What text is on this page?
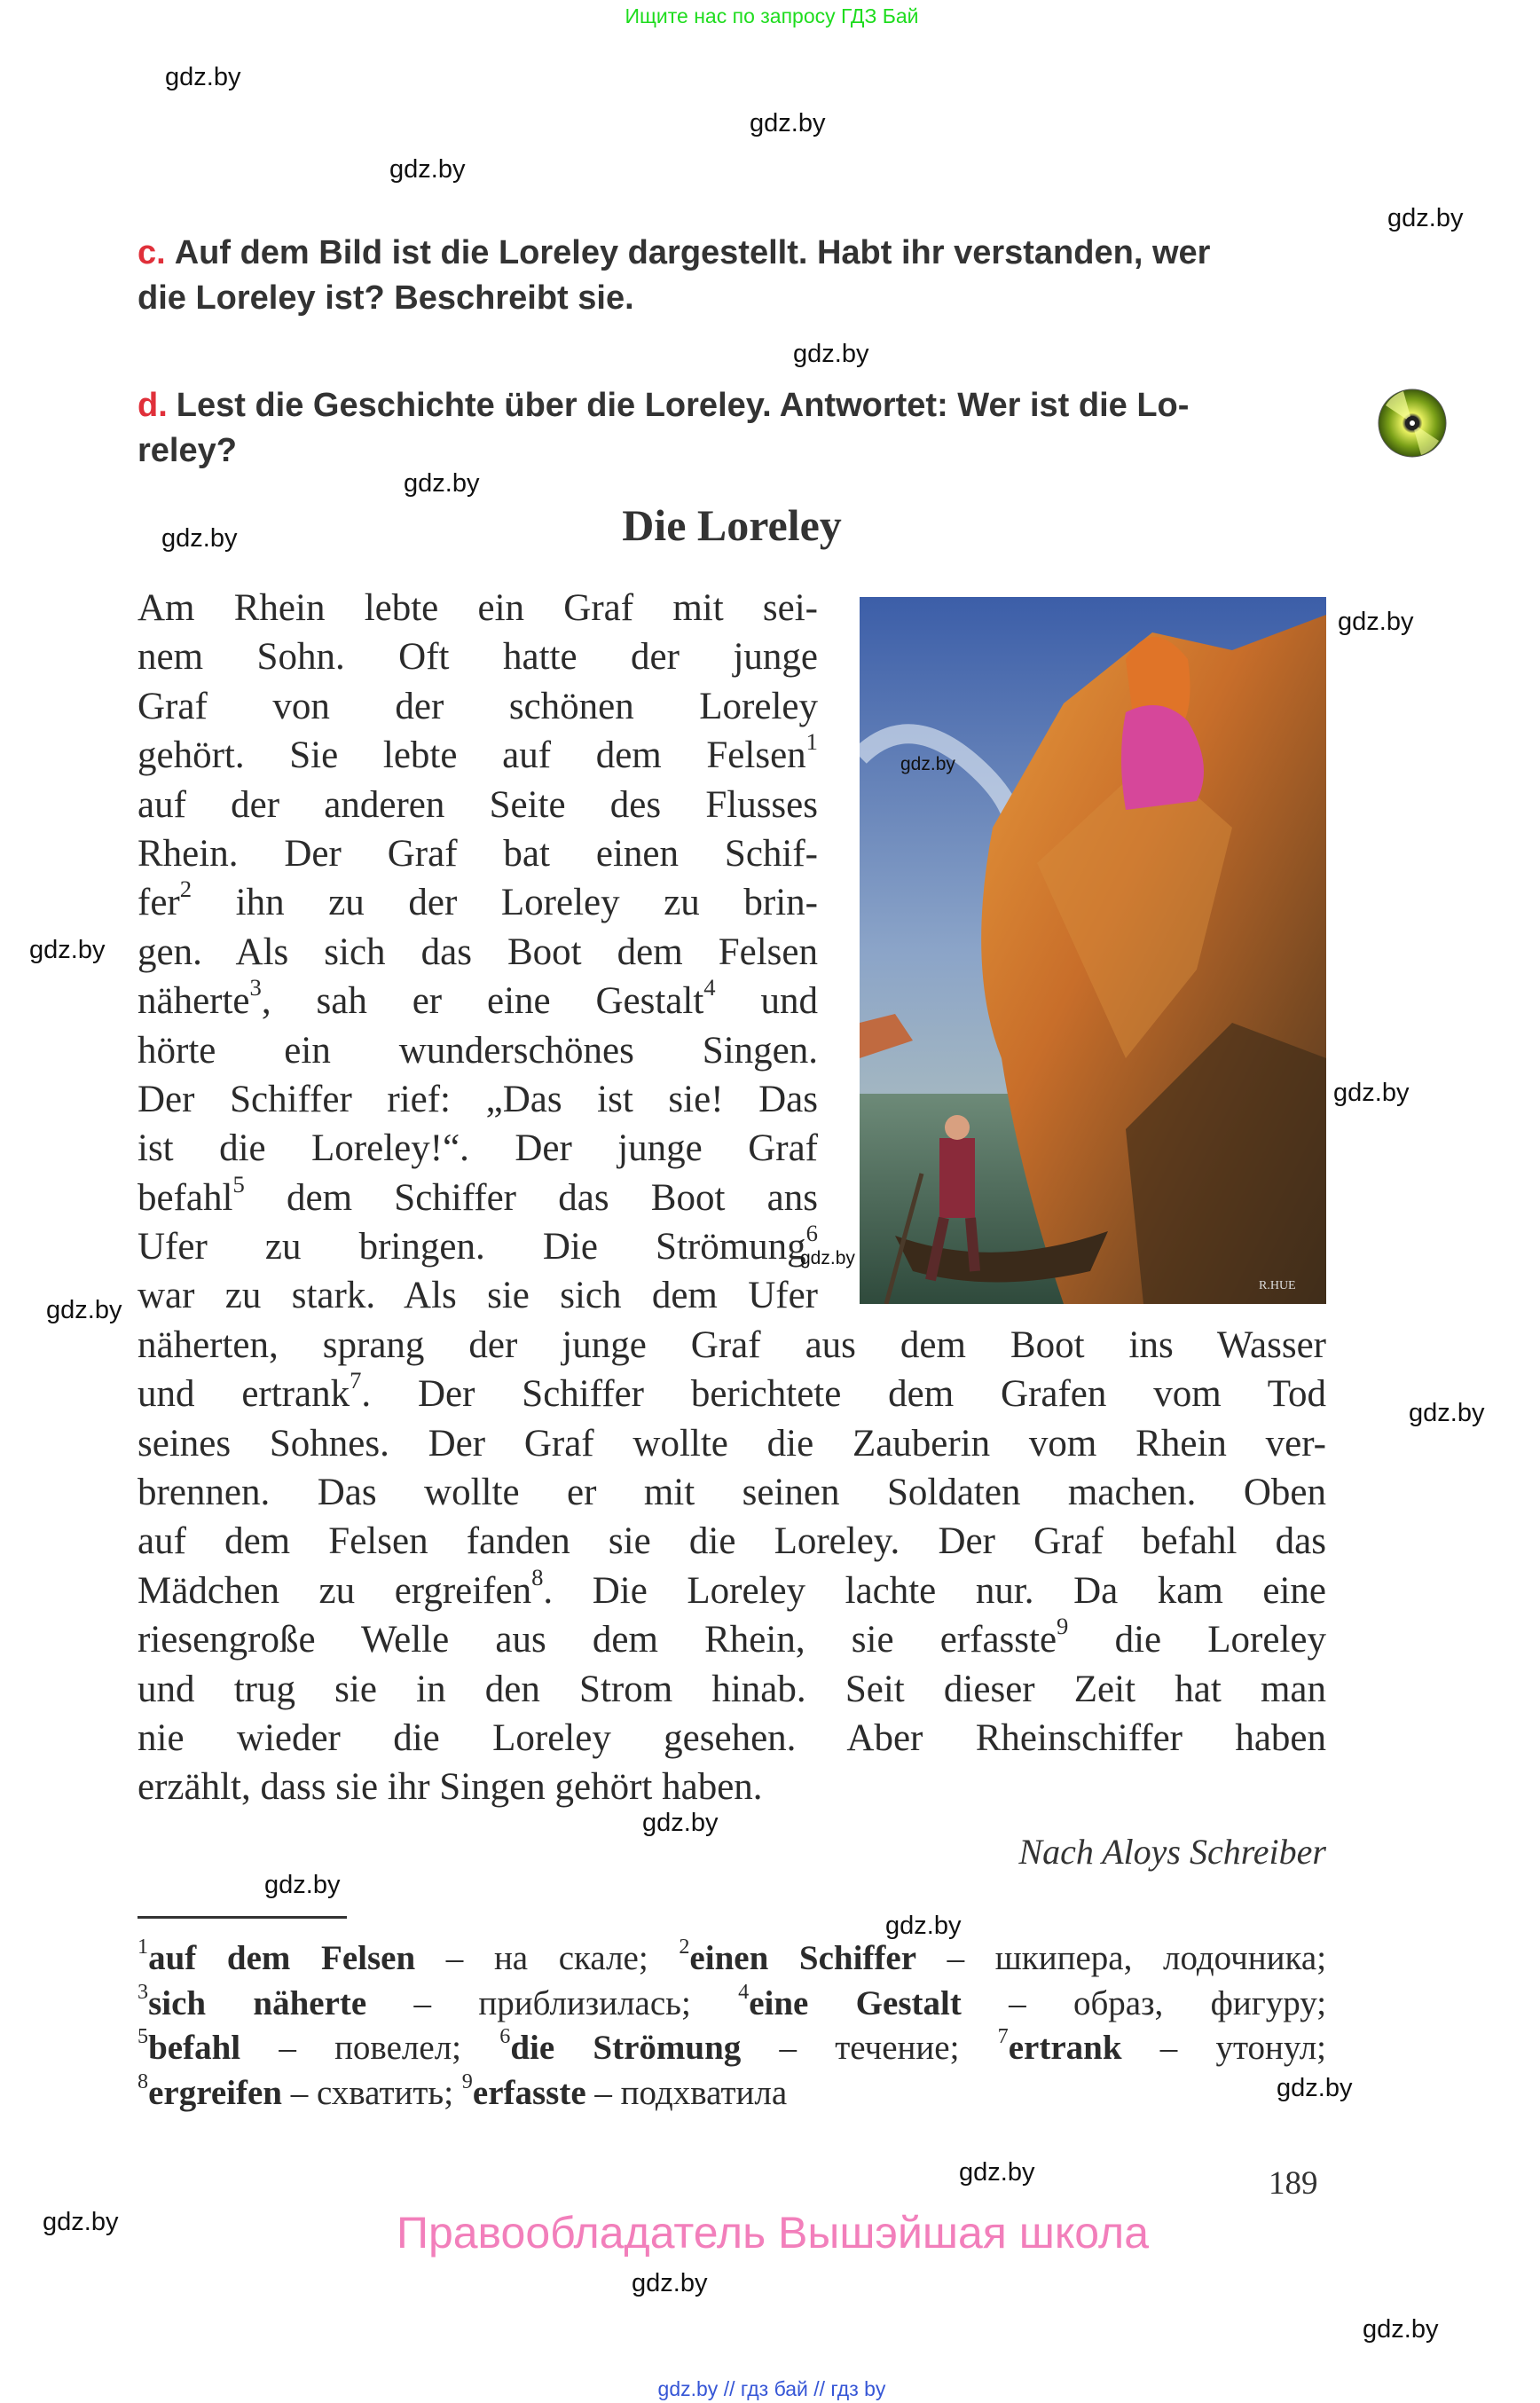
Ищите нас по запросу ГДЗ Бай
gdz.by
gdz.by
gdz.by
gdz.by
gdz.by
gdz.by
gdz.by
gdz.by
gdz.by
gdz.by
gdz.by
gdz.by
gdz.by
gdz.by
gdz.by
gdz.by
gdz.by
gdz.by
gdz.by
gdz.by
c. Auf dem Bild ist die Loreley dargestellt. Habt ihr verstanden, wer
die Loreley ist? Beschreibt sie.
d. Lest die Geschichte über die Loreley. Antwortet: Wer ist die Lo-
reley?
Die Loreley
R.HUE
gdz.by
Am Rhein lebte ein Graf mit sei-
nem Sohn. Oft hatte der junge
Graf von der schönen Loreley
gehört. Sie lebte auf dem Felsen$^1$
auf der anderen Seite des Flusses
Rhein. Der Graf bat einen Schif-
fer$^2$ ihn zu der Loreley zu brin-
gen. Als sich das Boot dem Felsen
näherte$^3$, sah er eine Gestalt$^4$ und
hörte ein wunderschönes Singen.
Der Schiffer rief: „Das ist sie! Das
ist die Loreley!“. Der junge Graf
befahl$^5$ dem Schiffer das Boot ans
Ufer zu bringen. Die Strömung$^6$
war zu stark. Als sie sich dem Ufer
näherten, sprang der junge Graf aus dem Boot ins Wasser
und ertrank$^7$. Der Schiffer berichtete dem Grafen vom Tod
seines Sohnes. Der Graf wollte die Zauberin vom Rhein ver-
brennen. Das wollte er mit seinen Soldaten machen. Oben
auf dem Felsen fanden sie die Loreley. Der Graf befahl das
Mädchen zu ergreifen$^8$. Die Loreley lachte nur. Da kam eine
riesengroße Welle aus dem Rhein, sie erfasste$^9$ die Loreley
und trug sie in den Strom hinab. Seit dieser Zeit hat man
nie wieder die Loreley gesehen. Aber Rheinschiffer haben
erzählt, dass sie ihr Singen gehört haben.
gdz.by
Nach Aloys Schreiber
$^1$auf dem Felsen – на скале; $^2$einen Schiffer – шкипера, лодочника;
$^3$sich näherte – приблизилась; $^4$eine Gestalt – образ, фигуру;
$^5$befahl – повелел; $^6$die Strömung – течение; $^7$ertrank – утонул;
$^8$ergreifen – схватить; $^9$erfasste – подхватила
189
Правообладатель Вышэйшая школа
gdz.by // гдз бай // гдз by
